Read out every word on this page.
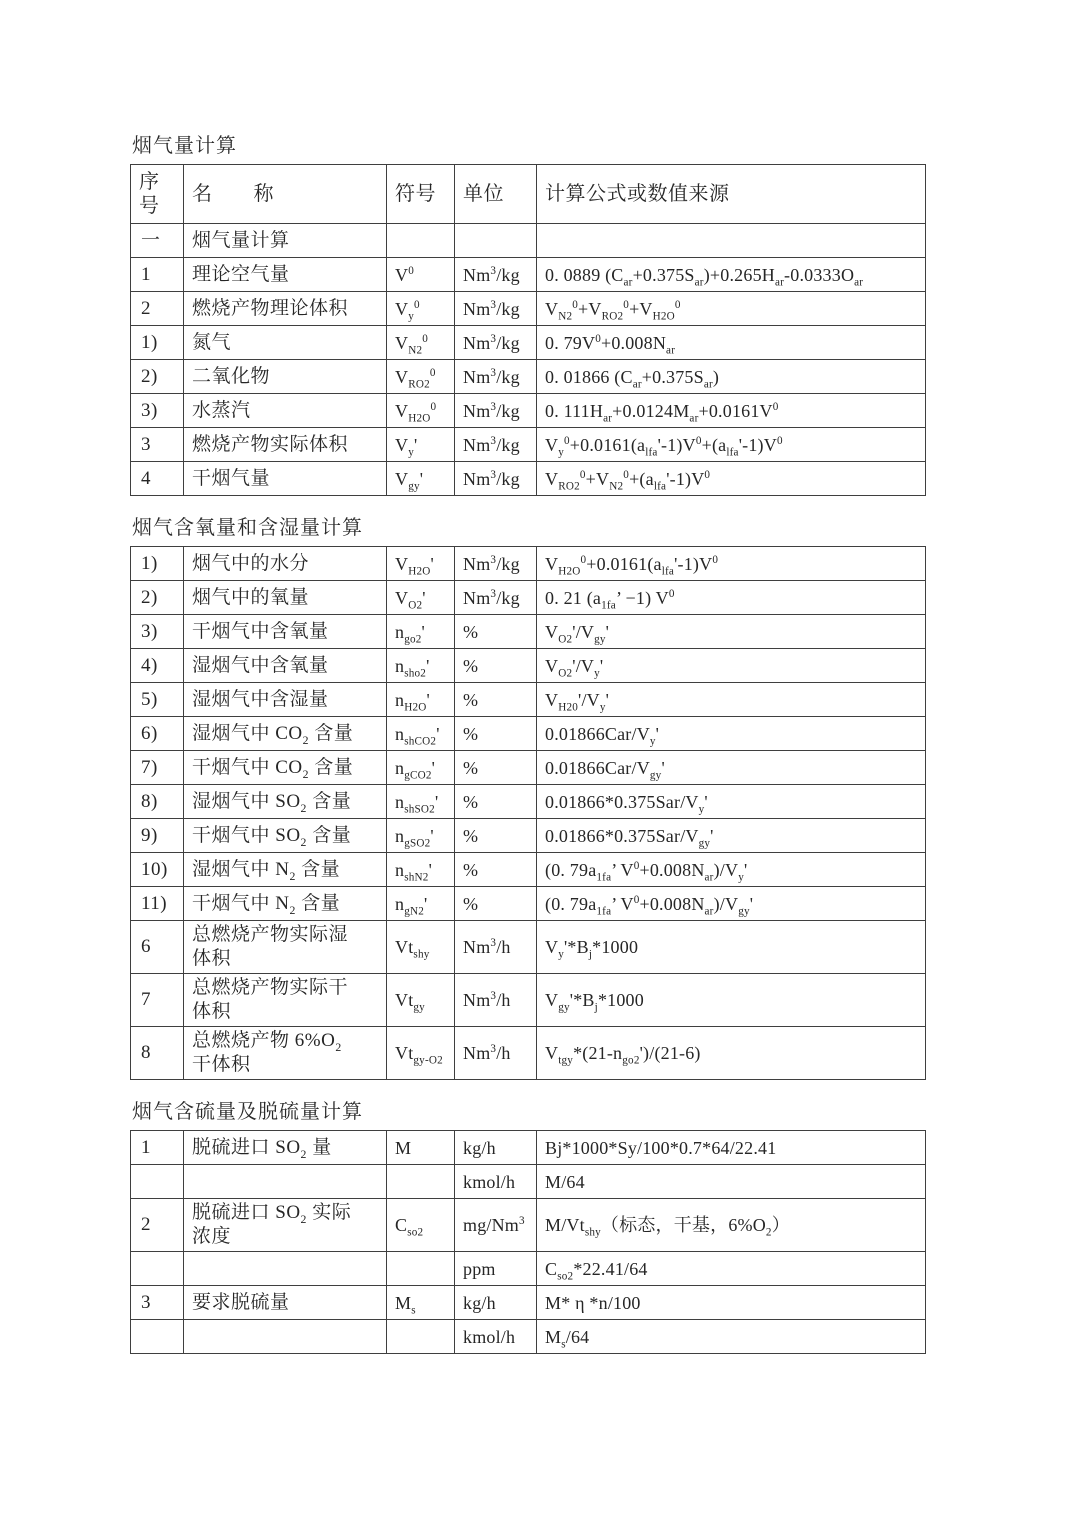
烟气量计算
序
号	名　　称	符号	单位	计算公式或数值来源
一	烟气量计算			
1	理论空气量	$V^0$	Nm$^3$/kg	0. 0889 $(C_{ar}+0.375S_{ar})+0.265H_{ar}-0.0333O_{ar}$
2	燃烧产物理论体积	$V_y^0$	Nm$^3$/kg	$V_{N2}^0+V_{RO2}^0+V_{H2O}^0$
1)	氮气	$V_{N2}^0$	Nm$^3$/kg	0. $79V^0+0.008N_{ar}$
2)	二氧化物	$V_{RO2}^0$	Nm$^3$/kg	0. 01866 $(C_{ar}+0.375S_{ar})$
3)	水蒸汽	$V_{H2O}^0$	Nm$^3$/kg	0. $111H_{ar}+0.0124M_{ar}+0.0161V^0$
3	燃烧产物实际体积	$V_y'$	Nm$^3$/kg	$V_y^0+0.0161(a_{lfa}'-1)V^0+(a_{lfa}'-1)V^0$
4	干烟气量	$V_{gy}'$	Nm$^3$/kg	$V_{RO2}^0+V_{N2}^0+(a_{lfa}'-1)V^0$
烟气含氧量和含湿量计算
1)	烟气中的水分	$V_{H2O}'$	Nm$^3$/kg	$V_{H2O}^0+0.0161(a_{lfa}'-1)V^0$
2)	烟气中的氧量	$V_{O2}'$	Nm$^3$/kg	0. 21 ($a_{1fa}$’ −1) $V^0$
3)	干烟气中含氧量	$n_{go2}'$	%	$V_{O2}'/V_{gy}'$
4)	湿烟气中含氧量	$n_{sho2}'$	%	$V_{O2}'/V_y'$
5)	湿烟气中含湿量	$n_{H2O}'$	%	$V_{H20}'/V_y'$
6)	湿烟气中 $CO_2$ 含量	$n_{shCO2}'$	%	$0.01866Car/V_y'$
7)	干烟气中 $CO_2$ 含量	$n_{gCO2}'$	%	$0.01866Car/V_{gy}'$
8)	湿烟气中 $SO_2$ 含量	$n_{shSO2}'$	%	$0.01866*0.375Sar/V_y'$
9)	干烟气中 $SO_2$ 含量	$n_{gSO2}'$	%	$0.01866*0.375Sar/V_{gy}'$
10)	湿烟气中 $N_2$ 含量	$n_{shN2}'$	%	(0. $79a_{1fa}$’ $V^0+0.008N_{ar})/V_y'$
11)	干烟气中 $N_2$ 含量	$n_{gN2}'$	%	(0. $79a_{1fa}$’ $V^0+0.008N_{ar})/V_{gy}'$
6	总燃烧产物实际湿
体积	$Vt_{shy}$	Nm$^3$/h	$V_y'*B_j*1000$
7	总燃烧产物实际干
体积	$Vt_{gy}$	Nm$^3$/h	$V_{gy}'*B_j*1000$
8	总燃烧产物 $6\%O_2$
干体积	$Vt_{gy-O2}$	Nm$^3$/h	$V_{tgy}*(21-n_{go2}')/(21-6)$
烟气含硫量及脱硫量计算
1	脱硫进口 $SO_2$ 量	M	kg/h	Bj*1000*Sy/100*0.7*64/22.41
			kmol/h	M/64
2	脱硫进口 $SO_2$ 实际
浓度	$C_{so2}$	mg/Nm$^3$	$M/Vt_{shy}$（标态，干基，$6\%O_2$）
			ppm	$C_{so2}*22.41/64$
3	要求脱硫量	$M_s$	kg/h	M* η *n/100
			kmol/h	$M_s/64$
